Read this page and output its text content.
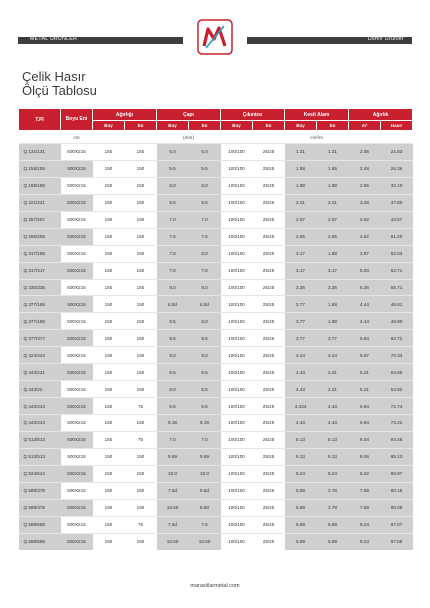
METAL ÜRÜNLER	Demir Ürünler
Çelik Hasır
Ölçü Tablosu
T.PI	Boyu Eni	Ağırlığı		Çapı		Çıkıntısı		Kesit Alanı		Ağırlık	
		Boy	En	Boy	En	Boy	En	Boy	En	m²	Hasır
	cm			(mm)				cm²/m			
Q 131/131	500X215	150	150	5.0	5.0	100/100	25/25	1.31	1.31	2.06	21.83
Q 158/158	500X215	150	150	5.5	5.5	100/100	25/25	1.58	1.55	2.48	26.36
Q 188/188	500X215	150	150	6.0	6.0	100/100	25/25	1.88	1.88	2.96	32.10
Q 221/221	500X215	150	150	6.5	6.5	100/100	25/25	2.21	2.21	3.48	37.80
Q 257/257	500X215	150	150	7.0	7.0	100/100	25/25	2.57	2.57	4.02	43.57
Q 295/295	500X215	150	150	7.5	7.5	100/100	25/25	2.95	2.95	4.62	51.20
Q 317/188	500X215	150	150	7.8	6.0	100/100	25/25	3.17	1.88	3.97	52.03
Q 317/317	500X215	150	150	7.8	7.8	100/100	25/25	3.17	3.17	5.00	52.71
Q 335/335	500X215	150	150	8.0	8.0	100/100	25/25	3.35	3.35	5.26	55.71
Q 377/188	500X215	150	150	8.0d	6.0d	100/100	25/25	3.77	1.88	4.44	46.81
Q 377/188	500X215	150	150	8.5	6.0	100/100	25/25	3.77	1.88	4.44	46.90
Q 377/377	500X215	150	150	8.5	8.5	100/100	25/25	3.77	3.77	5.94	62.72
Q 424/424	500X215	150	150	9.0	9.0	100/100	25/25	4.24	4.24	6.67	70.33
Q 443/221	500X215	150	150	6.5	6.5	100/100	25/25	4.43	2.21	5.21	54.85
Q 443/22	500X215	150	150	9.0	6.5	100/100	25/25	4.43	2.21	5.21	54.92
Q 443/443	500X215	150	75	6.5	6.5	100/100	25/25	4.434	4.43	6.94	72.74
Q 443/443	500X215	150	150	9.18	9.19	100/100	25/25	4.43	4.43	6.94	73.42
Q 513/513	500X215	150	75	7.0	7.0	100/100	25/25	5.13	5.13	8.04	84.48
Q 513/513	500X215	150	150	9.89	9.89	100/100	25/25	5.13	5.13	8.06	85.13
Q 524/524	500X215	150	150	10.0	10.0	100/100	25/25	5.24	5.24	8.22	86.97
Q 589/378	500X215	150	150	7.5d	8.5d	100/100	25/25	5.89	3.78	7.59	80.15
Q 589/378	500X215	150	150	10.60	8.50	100/100	25/25	5.89	3.78	7.59	80.08
Q 589/589	500X215	150	75	7.5d	7.5	100/100	25/25	5.89	5.89	9.24	97.07
Q 589/589	500X215	150	150	10.60	10.60	100/100	25/25	5.89	5.89	9.24	97.88
marasiilarmetal.com
